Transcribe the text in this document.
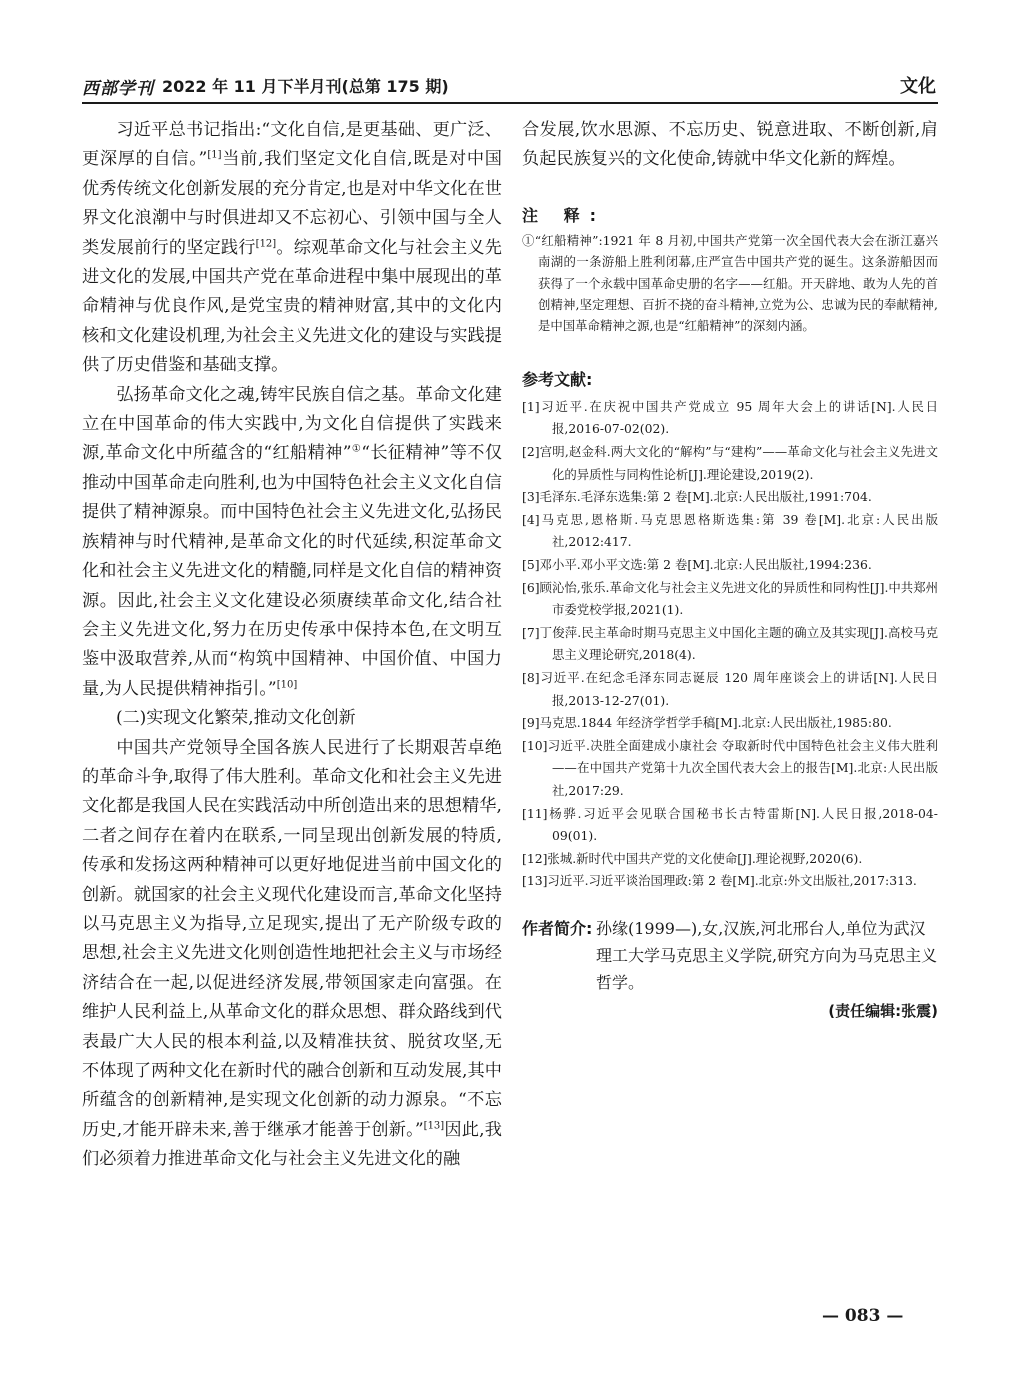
西部学刊 2022 年 11 月下半月刊(总第 175 期)	文化

习近平总书记指出:“文化自信,是更基础、更广泛、更深厚的自信。”[1]当前,我们坚定文化自信,既是对中国优秀传统文化创新发展的充分肯定,也是对中华文化在世界文化浪潮中与时俱进却又不忘初心、引领中国与全人类发展前行的坚定践行[12]。综观革命文化与社会主义先进文化的发展,中国共产党在革命进程中集中展现出的革命精神与优良作风,是党宝贵的精神财富,其中的文化内核和文化建设机理,为社会主义先进文化的建设与实践提供了历史借鉴和基础支撑。

弘扬革命文化之魂,铸牢民族自信之基。革命文化建立在中国革命的伟大实践中,为文化自信提供了实践来源,革命文化中所蕴含的“红船精神”①“长征精神”等不仅推动中国革命走向胜利,也为中国特色社会主义文化自信提供了精神源泉。而中国特色社会主义先进文化,弘扬民族精神与时代精神,是革命文化的时代延续,积淀革命文化和社会主义先进文化的精髓,同样是文化自信的精神资源。因此,社会主义文化建设必须赓续革命文化,结合社会主义先进文化,努力在历史传承中保持本色,在文明互鉴中汲取营养,从而“构筑中国精神、中国价值、中国力量,为人民提供精神指引。”[10]

(二)实现文化繁荣,推动文化创新

中国共产党领导全国各族人民进行了长期艰苦卓绝的革命斗争,取得了伟大胜利。革命文化和社会主义先进文化都是我国人民在实践活动中所创造出来的思想精华,二者之间存在着内在联系,一同呈现出创新发展的特质,传承和发扬这两种精神可以更好地促进当前中国文化的创新。就国家的社会主义现代化建设而言,革命文化坚持以马克思主义为指导,立足现实,提出了无产阶级专政的思想,社会主义先进文化则创造性地把社会主义与市场经济结合在一起,以促进经济发展,带领国家走向富强。在维护人民利益上,从革命文化的群众思想、群众路线到代表最广大人民的根本利益,以及精准扶贫、脱贫攻坚,无不体现了两种文化在新时代的融合创新和互动发展,其中所蕴含的创新精神,是实现文化创新的动力源泉。“不忘历史,才能开辟未来,善于继承才能善于创新。”[13]因此,我们必须着力推进革命文化与社会主义先进文化的融

合发展,饮水思源、不忘历史、锐意进取、不断创新,肩负起民族复兴的文化使命,铸就中华文化新的辉煌。

注 释:

①“红船精神”:1921 年 8 月初,中国共产党第一次全国代表大会在浙江嘉兴南湖的一条游船上胜利闭幕,庄严宣告中国共产党的诞生。这条游船因而获得了一个永载中国革命史册的名字——红船。开天辟地、敢为人先的首创精神,坚定理想、百折不挠的奋斗精神,立党为公、忠诚为民的奉献精神,是中国革命精神之源,也是“红船精神”的深刻内涵。

参考文献:

[1]习近平.在庆祝中国共产党成立 95 周年大会上的讲话[N].人民日报,2016-07-02(02).
[2]宫明,赵金科.两大文化的“解构”与“建构”——革命文化与社会主义先进文化的异质性与同构性论析[J].理论建设,2019(2).
[3]毛泽东.毛泽东选集:第 2 卷[M].北京:人民出版社,1991:704.
[4]马克思,恩格斯.马克思恩格斯选集:第 39 卷[M].北京:人民出版社,2012:417.
[5]邓小平.邓小平文选:第 2 卷[M].北京:人民出版社,1994:236.
[6]顾沁怡,张乐.革命文化与社会主义先进文化的异质性和同构性[J].中共郑州市委党校学报,2021(1).
[7]丁俊萍.民主革命时期马克思主义中国化主题的确立及其实现[J].高校马克思主义理论研究,2018(4).
[8]习近平.在纪念毛泽东同志诞辰 120 周年座谈会上的讲话[N].人民日报,2013-12-27(01).
[9]马克思.1844 年经济学哲学手稿[M].北京:人民出版社,1985:80.
[10]习近平.决胜全面建成小康社会 夺取新时代中国特色社会主义伟大胜利——在中国共产党第十九次全国代表大会上的报告[M].北京:人民出版社,2017:29.
[11]杨骅.习近平会见联合国秘书长古特雷斯[N].人民日报,2018-04-09(01).
[12]张城.新时代中国共产党的文化使命[J].理论视野,2020(6).
[13]习近平.习近平谈治国理政:第 2 卷[M].北京:外文出版社,2017:313.
作者简介: 孙缘(1999—),女,汉族,河北邢台人,单位为武汉理工大学马克思主义学院,研究方向为马克思主义哲学。
(责任编辑:张震)
— 083 —
